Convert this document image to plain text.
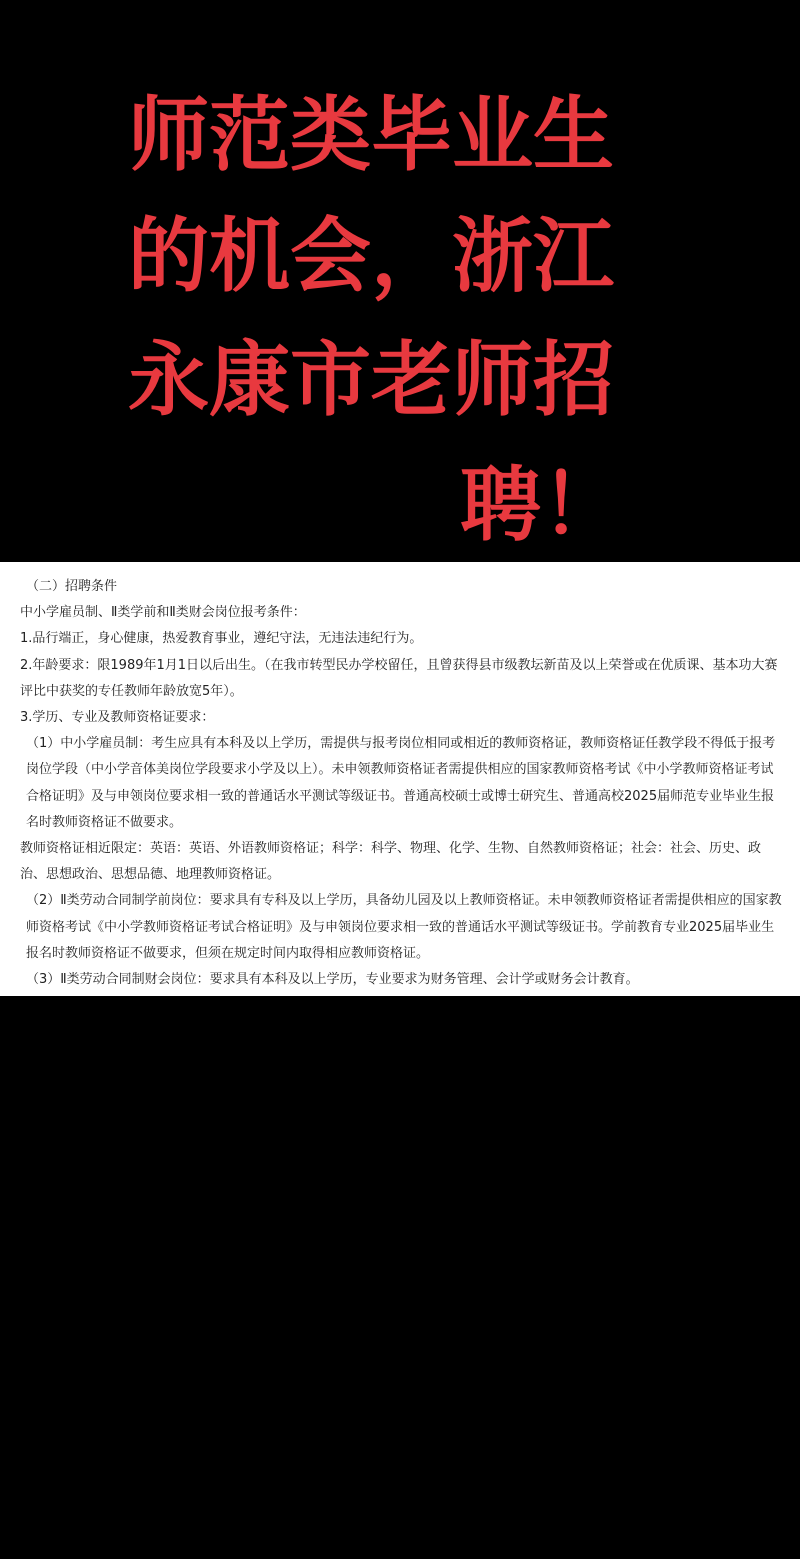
师范类毕业生
的机会，浙江
永康市老师招
聘！

（二）招聘条件

中小学雇员制、Ⅱ类学前和Ⅱ类财会岗位报考条件：

1.品行端正，身心健康，热爱教育事业，遵纪守法，无违法违纪行为。

2.年龄要求：限1989年1月1日以后出生。（在我市转型民办学校留任，且曾获得县市级教坛新苗及以上荣誉或在优质课、基本功大赛评比中获奖的专任教师年龄放宽5年）。

3.学历、专业及教师资格证要求：

（1）中小学雇员制：考生应具有本科及以上学历，需提供与报考岗位相同或相近的教师资格证，教师资格证任教学段不得低于报考岗位学段（中小学音体美岗位学段要求小学及以上）。未申领教师资格证者需提供相应的国家教师资格考试《中小学教师资格证考试合格证明》及与申领岗位要求相一致的普通话水平测试等级证书。普通高校硕士或博士研究生、普通高校2025届师范专业毕业生报名时教师资格证不做要求。

教师资格证相近限定：英语：英语、外语教师资格证；科学：科学、物理、化学、生物、自然教师资格证；社会：社会、历史、政治、思想政治、思想品德、地理教师资格证。

（2）Ⅱ类劳动合同制学前岗位：要求具有专科及以上学历，具备幼儿园及以上教师资格证。未申领教师资格证者需提供相应的国家教师资格考试《中小学教师资格证考试合格证明》及与申领岗位要求相一致的普通话水平测试等级证书。学前教育专业2025届毕业生报名时教师资格证不做要求，但须在规定时间内取得相应教师资格证。

（3）Ⅱ类劳动合同制财会岗位：要求具有本科及以上学历，专业要求为财务管理、会计学或财务会计教育。
